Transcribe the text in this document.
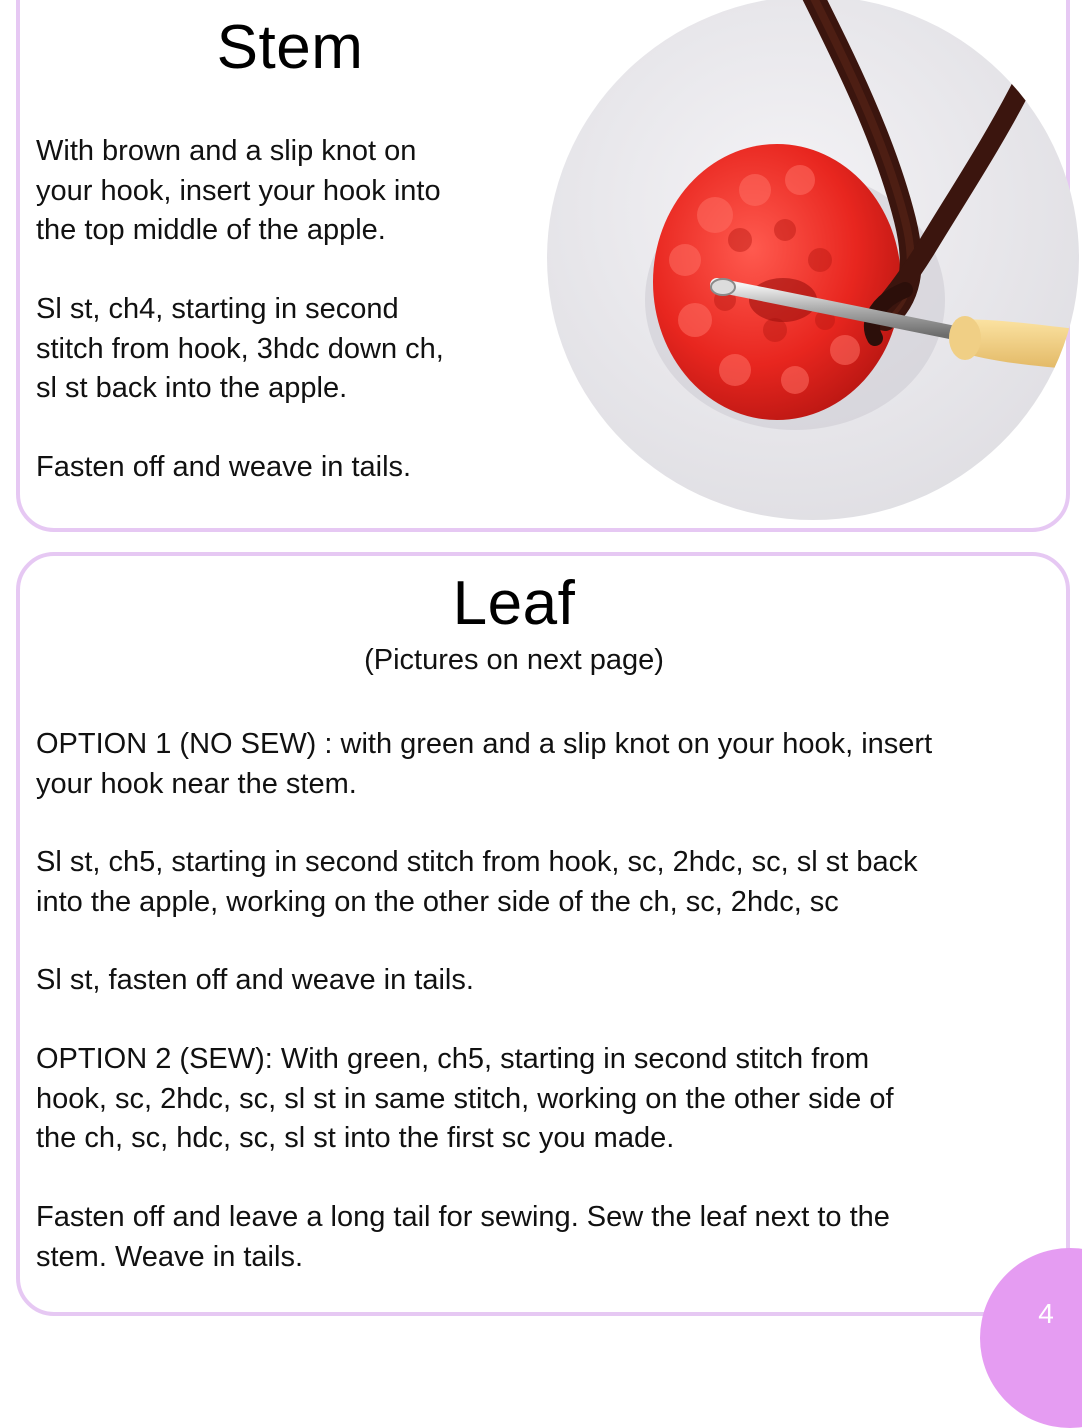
Stem

With brown and a slip knot on
your hook, insert your hook into
the top middle of the apple.

Sl st, ch4, starting in second
stitch from hook, 3hdc down ch,
sl st back into the apple.

Fasten off and weave in tails.

Leaf

(Pictures on next page)

OPTION 1 (NO SEW) : with green and a slip knot on your hook, insert
your hook near the stem.

Sl st, ch5, starting in second stitch from hook, sc, 2hdc, sc, sl st back
into the apple, working on the other side of the ch, sc, 2hdc, sc

Sl st, fasten off and weave in tails.

OPTION 2 (SEW): With green, ch5, starting in second stitch from
hook, sc, 2hdc, sc, sl st in same stitch, working on the other side of
the ch, sc, hdc, sc, sl st into the first sc you made.

Fasten off and leave a long tail for sewing. Sew the leaf next to the
stem. Weave in tails.

4
